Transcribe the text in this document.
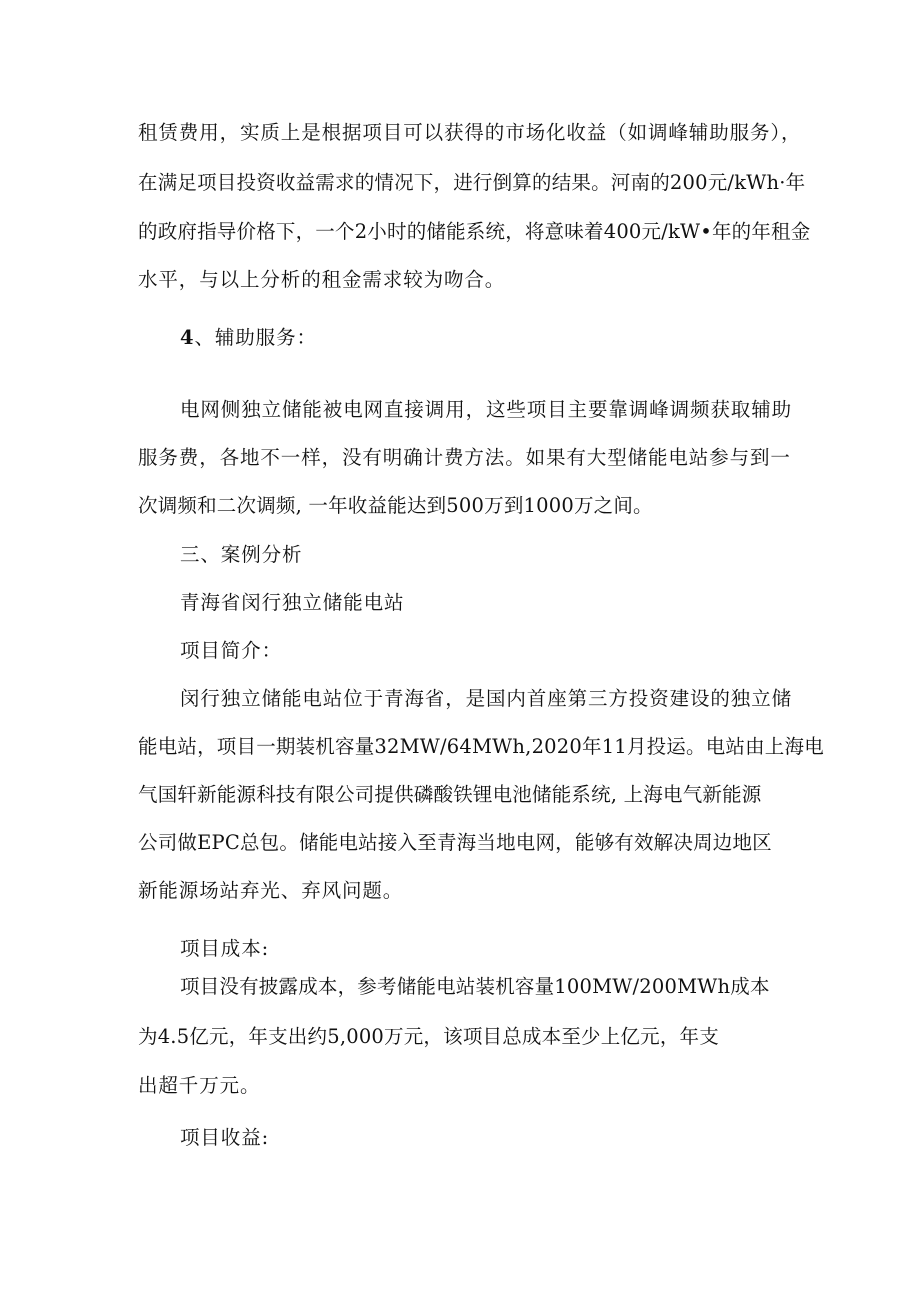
租赁费用，实质上是根据项目可以获得的市场化收益（如调峰辅助服务），
在满足项目投资收益需求的情况下，进行倒算的结果。河南的200元/kWh·年
的政府指导价格下，一个2小时的储能系统，将意味着400元/kW•年的年租金
水平，与以上分析的租金需求较为吻合。
4、辅助服务：
电网侧独立储能被电网直接调用，这些项目主要靠调峰调频获取辅助
服务费，各地不一样，没有明确计费方法。如果有大型储能电站参与到一
次调频和二次调频, 一年收益能达到500万到1000万之间。
三、案例分析
青海省闵行独立储能电站
项目简介：
闵行独立储能电站位于青海省，是国内首座第三方投资建设的独立储
能电站，项目一期装机容量32MW/64MWh,2020年11月投运。电站由上海电
气国轩新能源科技有限公司提供磷酸铁锂电池储能系统, 上海电气新能源
公司做EPC总包。储能电站接入至青海当地电网，能够有效解决周边地区
新能源场站弃光、弃风问题。
项目成本:
项目没有披露成本，参考储能电站装机容量100MW/200MWh成本
为4.5亿元，年支出约5,000万元，该项目总成本至少上亿元，年支
出超千万元。
项目收益:
